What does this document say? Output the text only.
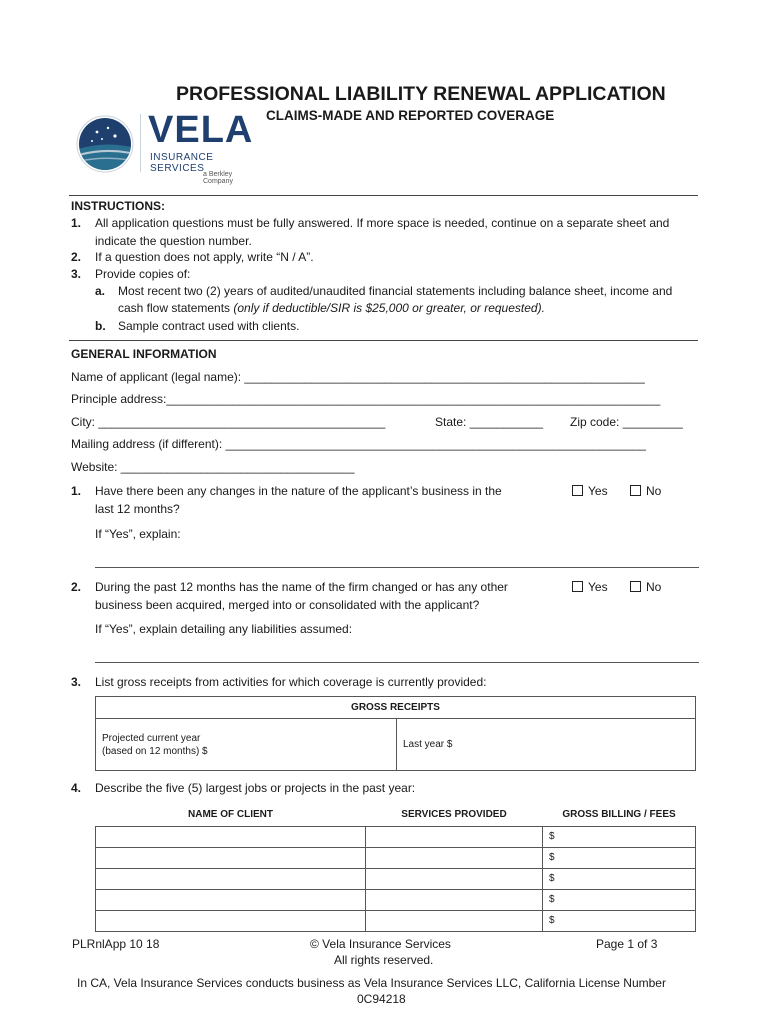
PROFESSIONAL LIABILITY RENEWAL APPLICATION
CLAIMS-MADE AND REPORTED COVERAGE
VELA
INSURANCE SERVICES
a Berkley Company
INSTRUCTIONS:
1. All application questions must be fully answered. If more space is needed, continue on a separate sheet and
indicate the question number.
2. If a question does not apply, write “N / A”.
3. Provide copies of:
a. Most recent two (2) years of audited/unaudited financial statements including balance sheet, income and
cash flow statements (only if deductible/SIR is $25,000 or greater, or requested).
b. Sample contract used with clients.
GENERAL INFORMATION
Name of applicant (legal name): ____________________________________________________________
Principle address:__________________________________________________________________________
City: ___________________________________________	State: ___________ Zip code: _________
Mailing address (if different): _______________________________________________________________
Website: ___________________________________
1. Have there been any changes in the nature of the applicant’s business in the
last 12 months?
Yes	No
If “Yes”, explain:
2. During the past 12 months has the name of the firm changed or has any other
business been acquired, merged into or consolidated with the applicant?
Yes	No
If “Yes”, explain detailing any liabilities assumed:
3. List gross receipts from activities for which coverage is currently provided:
GROSS RECEIPTS

Projected current year
(based on 12 months) $
	Last year $
4. Describe the five (5) largest jobs or projects in the past year:
NAME OF CLIENT	SERVICES PROVIDED	GROSS BILLING / FEES
		$
		$
		$
		$
		$
PLRnlApp 10 18	© Vela Insurance Services
All rights reserved.
Page 1 of 3
In CA, Vela Insurance Services conducts business as Vela Insurance Services LLC, California License Number
0C94218
